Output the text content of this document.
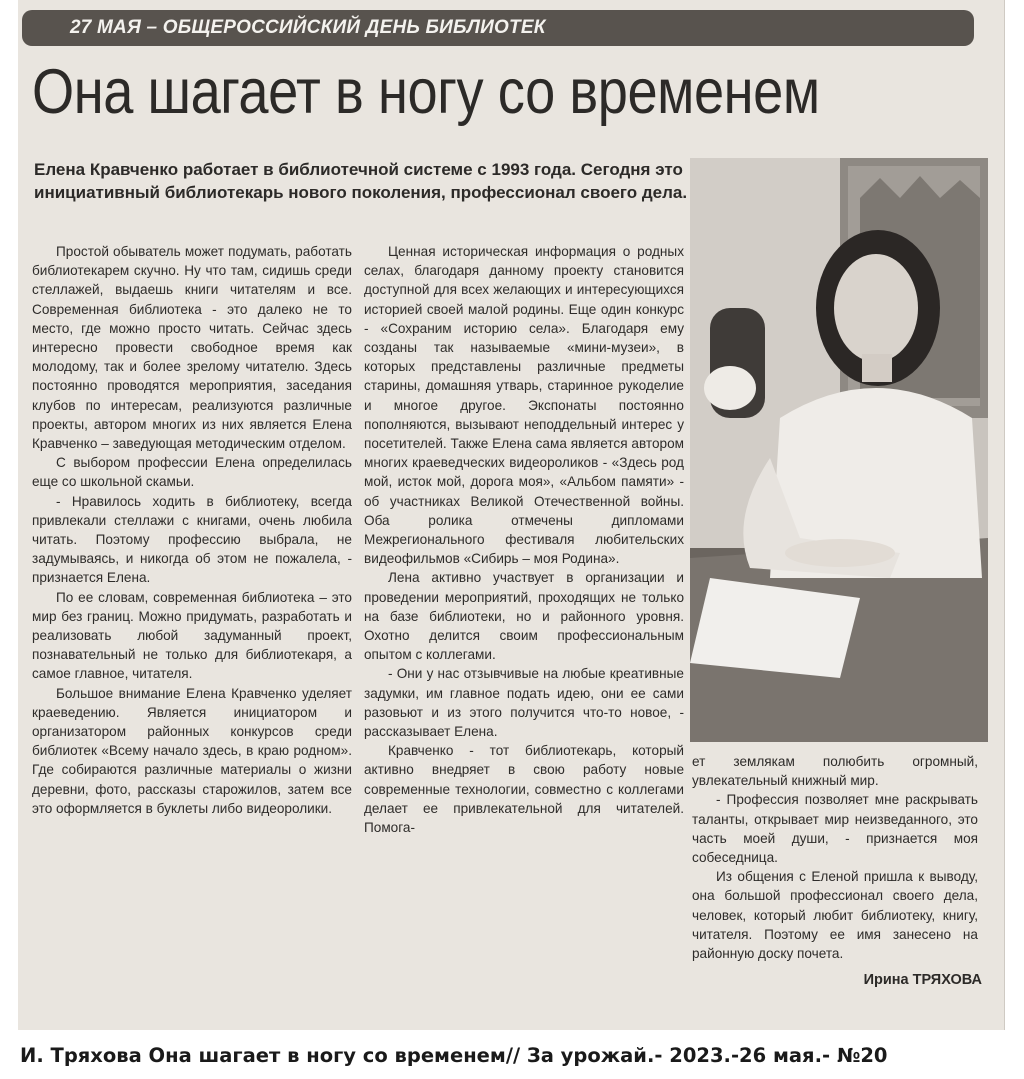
27 МАЯ – ОБЩЕРОССИЙСКИЙ ДЕНЬ БИБЛИОТЕК
Она шагает в ногу со временем
Елена Кравченко работает в библиотечной системе с 1993 года. Сегодня это инициативный библиотекарь нового поколения, профессионал своего дела.

Простой обыватель может подумать, работать библиотекарем скучно. Ну что там, сидишь среди стеллажей, выдаешь книги читателям и все. Современная библиотека - это далеко не то место, где можно просто читать. Сейчас здесь интересно провести свободное время как молодому, так и более зрелому читателю. Здесь постоянно проводятся мероприятия, заседания клубов по интересам, реализуются различные проекты, автором многих из них является Елена Кравченко – заведующая методическим отделом.

С выбором профессии Елена определилась еще со школьной скамьи.

- Нравилось ходить в библиотеку, всегда привлекали стеллажи с книгами, очень любила читать. Поэтому профессию выбрала, не задумываясь, и никогда об этом не пожалела, - признается Елена.

По ее словам, современная библиотека – это мир без границ. Можно придумать, разработать и реализовать любой задуманный проект, познавательный не только для библиотекаря, а самое главное, читателя.

Большое внимание Елена Кравченко уделяет краеведению. Является инициатором и организатором районных конкурсов среди библиотек «Всему начало здесь, в краю родном». Где собираются различные материалы о жизни деревни, фото, рассказы старожилов, затем все это оформляется в буклеты либо видеоролики.

Ценная историческая информация о родных селах, благодаря данному проекту становится доступной для всех желающих и интересующихся историей своей малой родины. Еще один конкурс - «Сохраним историю села». Благодаря ему созданы так называемые «мини-музеи», в которых представлены различные предметы старины, домашняя утварь, старинное рукоделие и многое другое. Экспонаты постоянно пополняются, вызывают неподдельный интерес у посетителей. Также Елена сама является автором многих краеведческих видеороликов - «Здесь род мой, исток мой, дорога моя», «Альбом памяти» - об участниках Великой Отечественной войны. Оба ролика отмечены дипломами Межрегионального фестиваля любительских видеофильмов «Сибирь – моя Родина».

Лена активно участвует в организации и проведении мероприятий, проходящих не только на базе библиотеки, но и районного уровня. Охотно делится своим профессиональным опытом с коллегами.

- Они у нас отзывчивые на любые креативные задумки, им главное подать идею, они ее сами разовьют и из этого получится что-то новое, - рассказывает Елена.

Кравченко - тот библиотекарь, который активно внедряет в свою работу новые современные технологии, совместно с коллегами делает ее привлекательной для читателей. Помога-

ет землякам полюбить огромный, увлекательный книжный мир.

- Профессия позволяет мне раскрывать таланты, открывает мир неизведанного, это часть моей души, - признается моя собеседница.

Из общения с Еленой пришла к выводу, она большой профессионал своего дела, человек, который любит библиотеку, книгу, читателя. Поэтому ее имя занесено на районную доску почета.

Ирина ТРЯХОВА
И. Тряхова Она шагает в ногу со временем// За урожай.- 2023.-26 мая.- №20
